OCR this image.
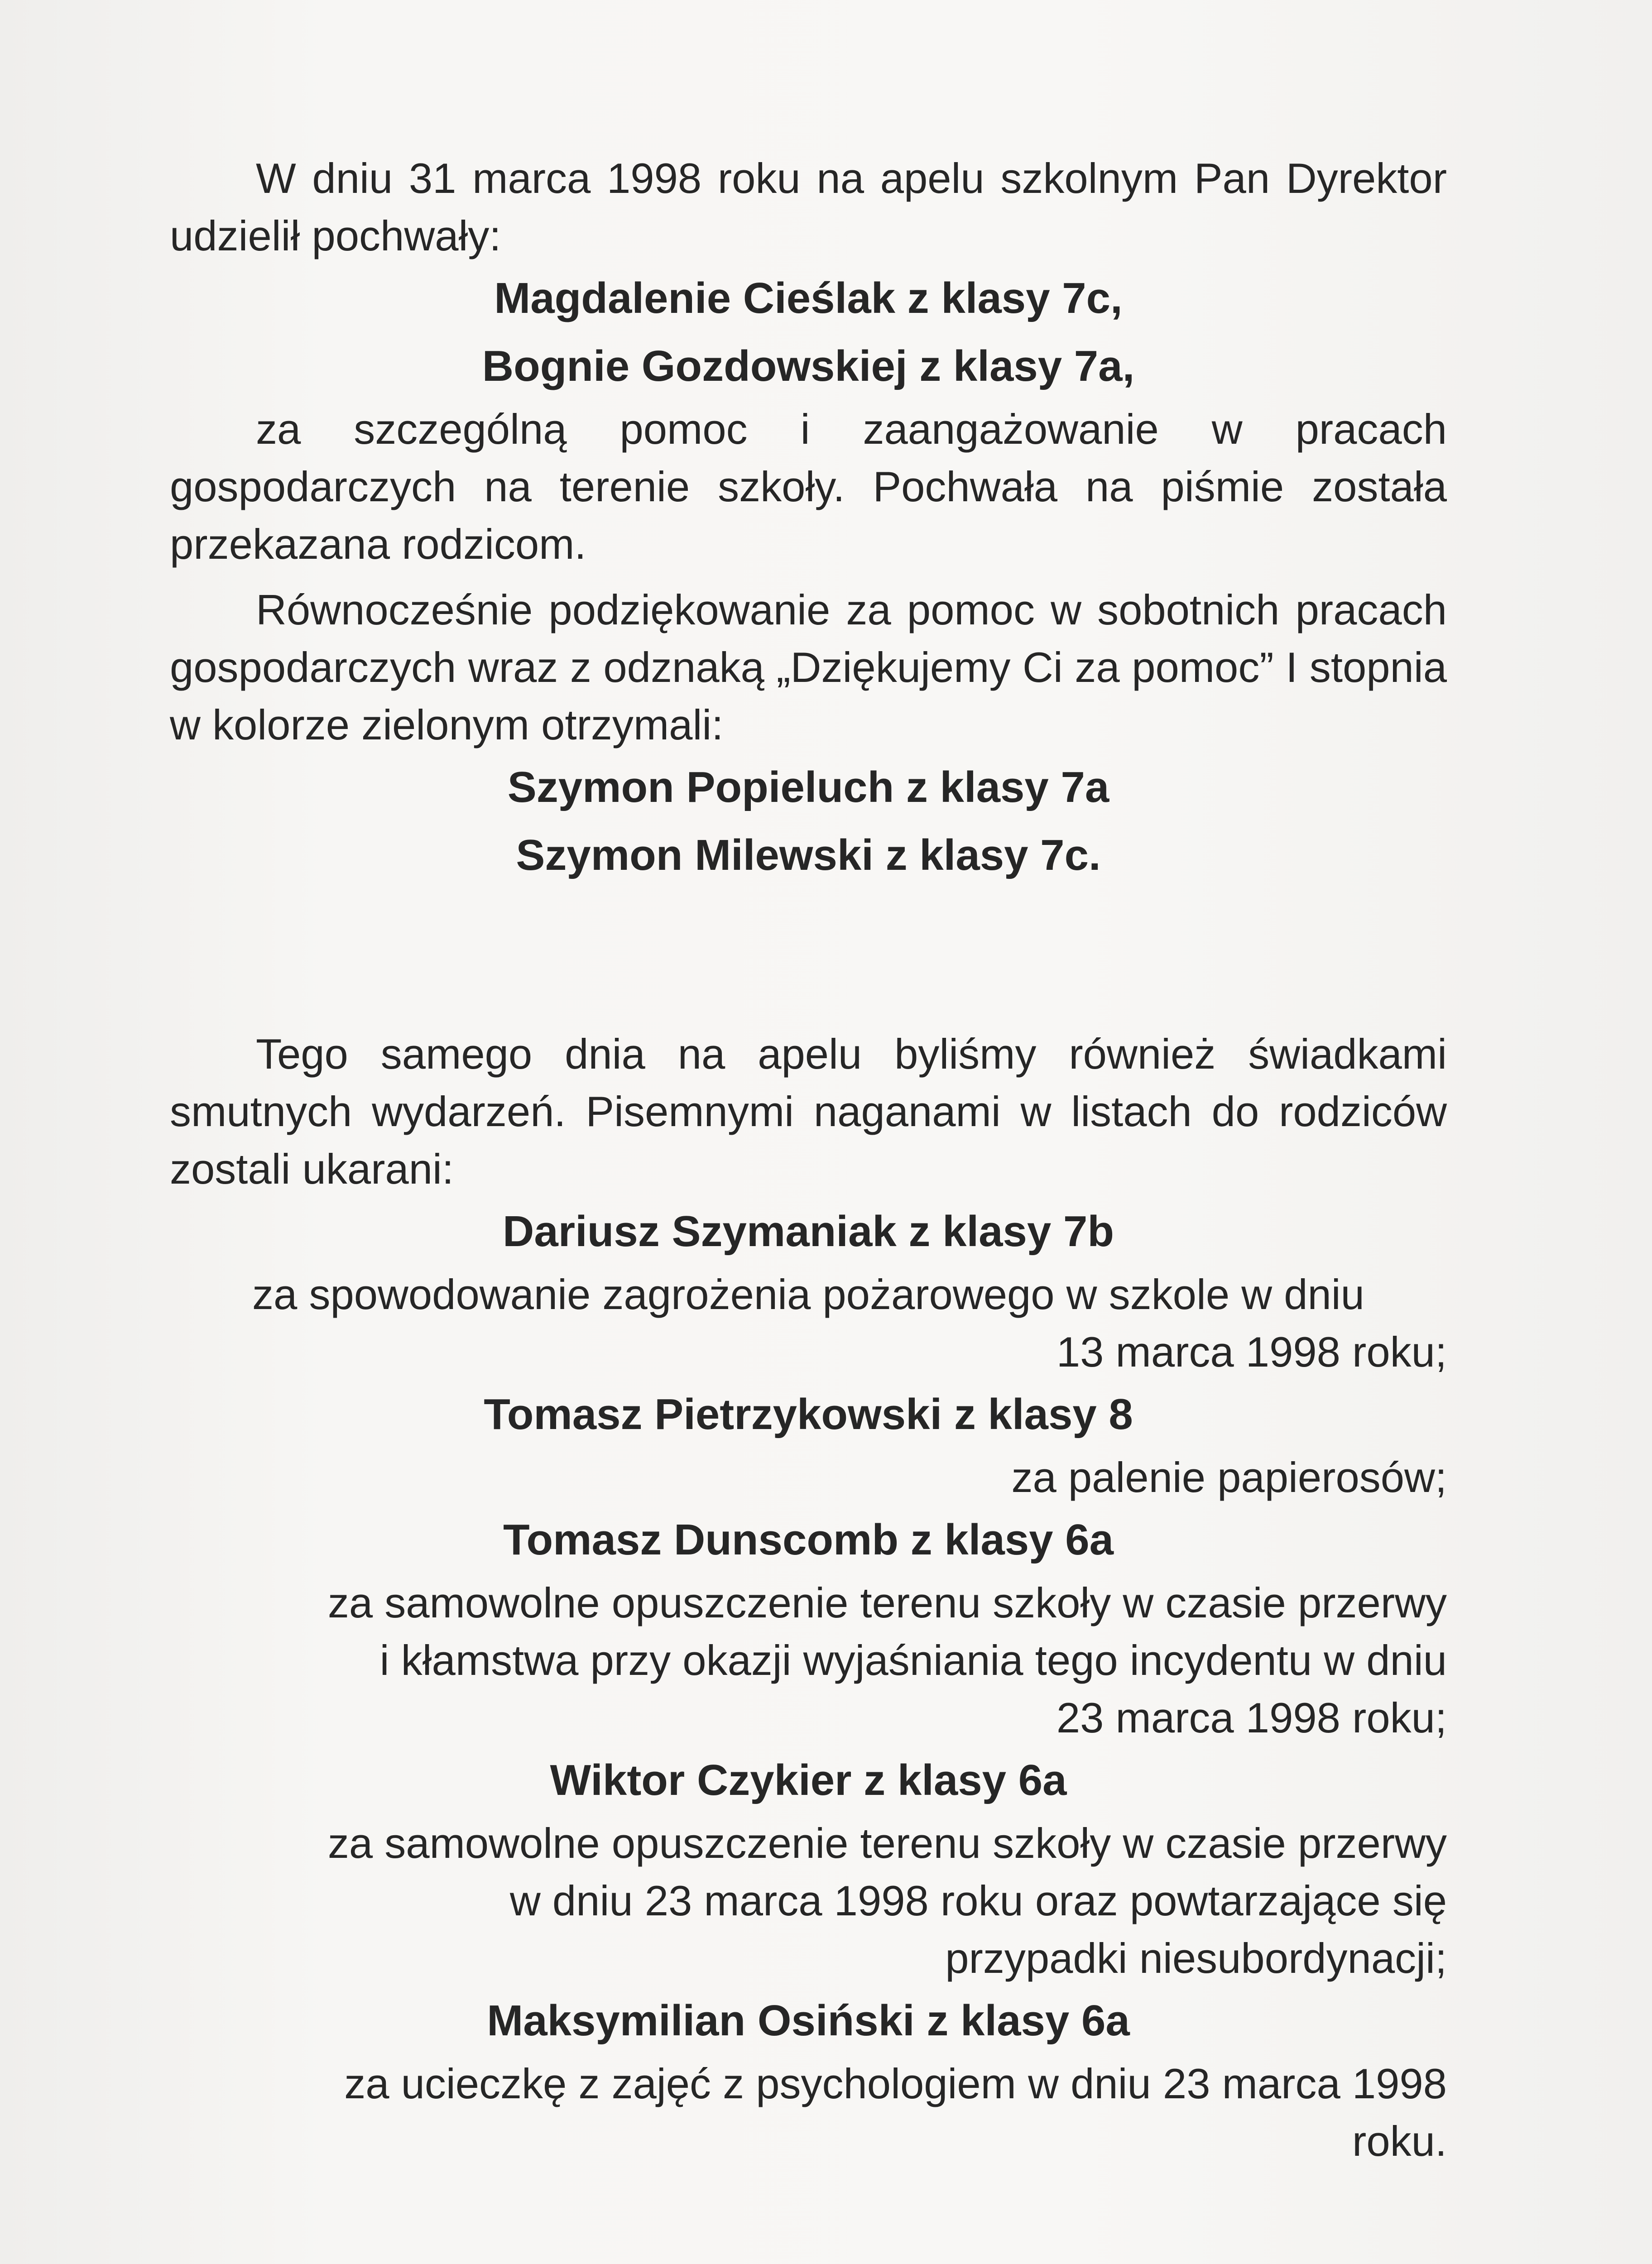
W dniu 31 marca 1998 roku na apelu szkolnym Pan Dyrektor udzielił pochwały:

Magdalenie Cieślak z klasy 7c,

Bognie Gozdowskiej z klasy 7a,

za szczególną pomoc i zaangażowanie w pracach gospodarczych na terenie szkoły. Pochwała na piśmie została przekazana rodzicom.

Równocześnie podziękowanie za pomoc w sobotnich pracach gospodarczych wraz z odznaką „Dziękujemy Ci za pomoc” I stopnia w kolorze zielonym otrzymali:

Szymon Popieluch z klasy 7a

Szymon Milewski z klasy 7c.

Tego samego dnia na apelu byliśmy również świadkami smutnych wydarzeń. Pisemnymi naganami w listach do rodziców zostali ukarani:

Dariusz Szymaniak z klasy 7b

za spowodowanie zagrożenia pożarowego w szkole w dniu

13 marca 1998 roku;

Tomasz Pietrzykowski z klasy 8

za palenie papierosów;

Tomasz Dunscomb z klasy 6a

za samowolne opuszczenie terenu szkoły w czasie przerwy

i kłamstwa przy okazji wyjaśniania tego incydentu w dniu

23 marca 1998 roku;

Wiktor Czykier z klasy 6a

za samowolne opuszczenie terenu szkoły w czasie przerwy

w dniu 23 marca 1998 roku oraz powtarzające się

przypadki niesubordynacji;

Maksymilian Osiński z klasy 6a

za ucieczkę z zajęć z psychologiem w dniu 23 marca 1998

roku.
